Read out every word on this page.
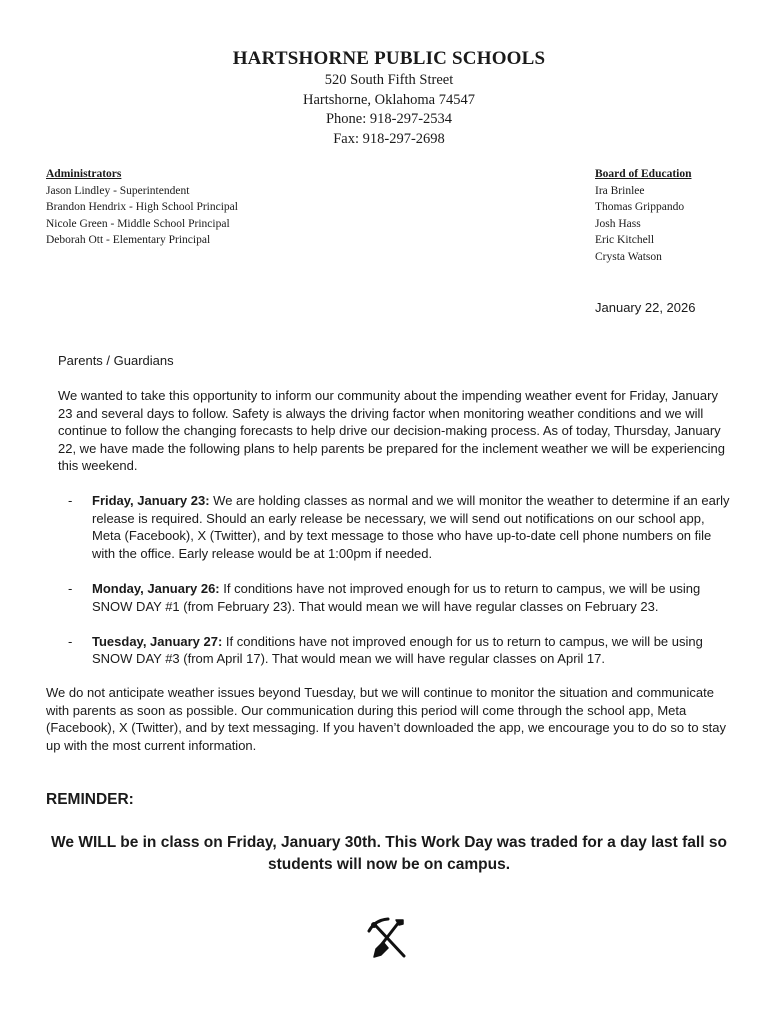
HARTSHORNE PUBLIC SCHOOLS
520 South Fifth Street
Hartshorne, Oklahoma 74547
Phone: 918-297-2534
Fax: 918-297-2698
Administrators
Jason Lindley - Superintendent
Brandon Hendrix - High School Principal
Nicole Green - Middle School Principal
Deborah Ott - Elementary Principal
Board of Education
Ira Brinlee
Thomas Grippando
Josh Hass
Eric Kitchell
Crysta Watson
January 22, 2026
Parents / Guardians
We wanted to take this opportunity to inform our community about the impending weather event for Friday, January 23 and several days to follow. Safety is always the driving factor when monitoring weather conditions and we will continue to follow the changing forecasts to help drive our decision-making process. As of today, Thursday, January 22, we have made the following plans to help parents be prepared for the inclement weather we will be experiencing this weekend.
-	Friday, January 23: We are holding classes as normal and we will monitor the weather to determine if an early release is required. Should an early release be necessary, we will send out notifications on our school app, Meta (Facebook), X (Twitter), and by text message to those who have up-to-date cell phone numbers on file with the office. Early release would be at 1:00pm if needed.
-	Monday, January 26: If conditions have not improved enough for us to return to campus, we will be using SNOW DAY #1 (from February 23). That would mean we will have regular classes on February 23.
-	Tuesday, January 27: If conditions have not improved enough for us to return to campus, we will be using SNOW DAY #3 (from April 17). That would mean we will have regular classes on April 17.
We do not anticipate weather issues beyond Tuesday, but we will continue to monitor the situation and communicate with parents as soon as possible. Our communication during this period will come through the school app, Meta (Facebook), X (Twitter), and by text messaging. If you haven’t downloaded the app, we encourage you to do so to stay up with the most current information.
REMINDER:
We WILL be in class on Friday, January 30th. This Work Day was traded for a day last fall so students will now be on campus.
